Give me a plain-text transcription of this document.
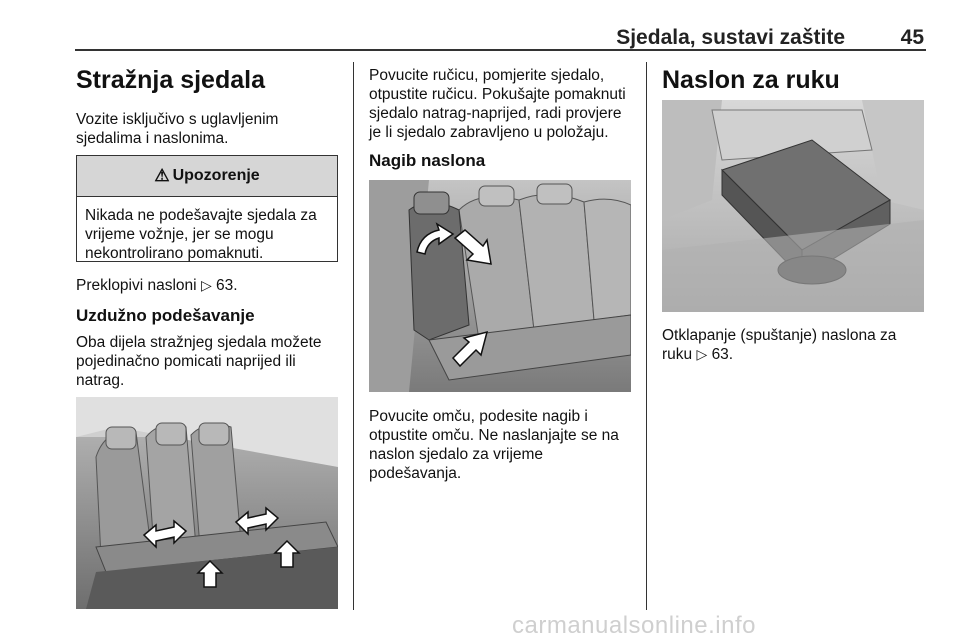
Sjedala, sustavi zaštite	45
Stražnja sjedala
Vozite isključivo s uglavljenim
sjedalima i naslonima.
⚠ Upozorenje
Nikada ne podešavajte sjedala za
vrijeme vožnje, jer se mogu
nekontrolirano pomaknuti.
Preklopivi nasloni ▷ 63.
Uzdužno podešavanje
Oba dijela stražnjeg sjedala možete
pojedinačno pomicati naprijed ili
natrag.
Povucite ručicu, pomjerite sjedalo,
otpustite ručicu. Pokušajte pomaknuti
sjedalo natrag-naprijed, radi provjere
je li sjedalo zabravljeno u položaju.
Nagib naslona
Povucite omču, podesite nagib i
otpustite omču. Ne naslanjajte se na
naslon sjedalo za vrijeme
podešavanja.
Naslon za ruku
Otklapanje (spuštanje) naslona za
ruku ▷ 63.
carmanualsonline.info
